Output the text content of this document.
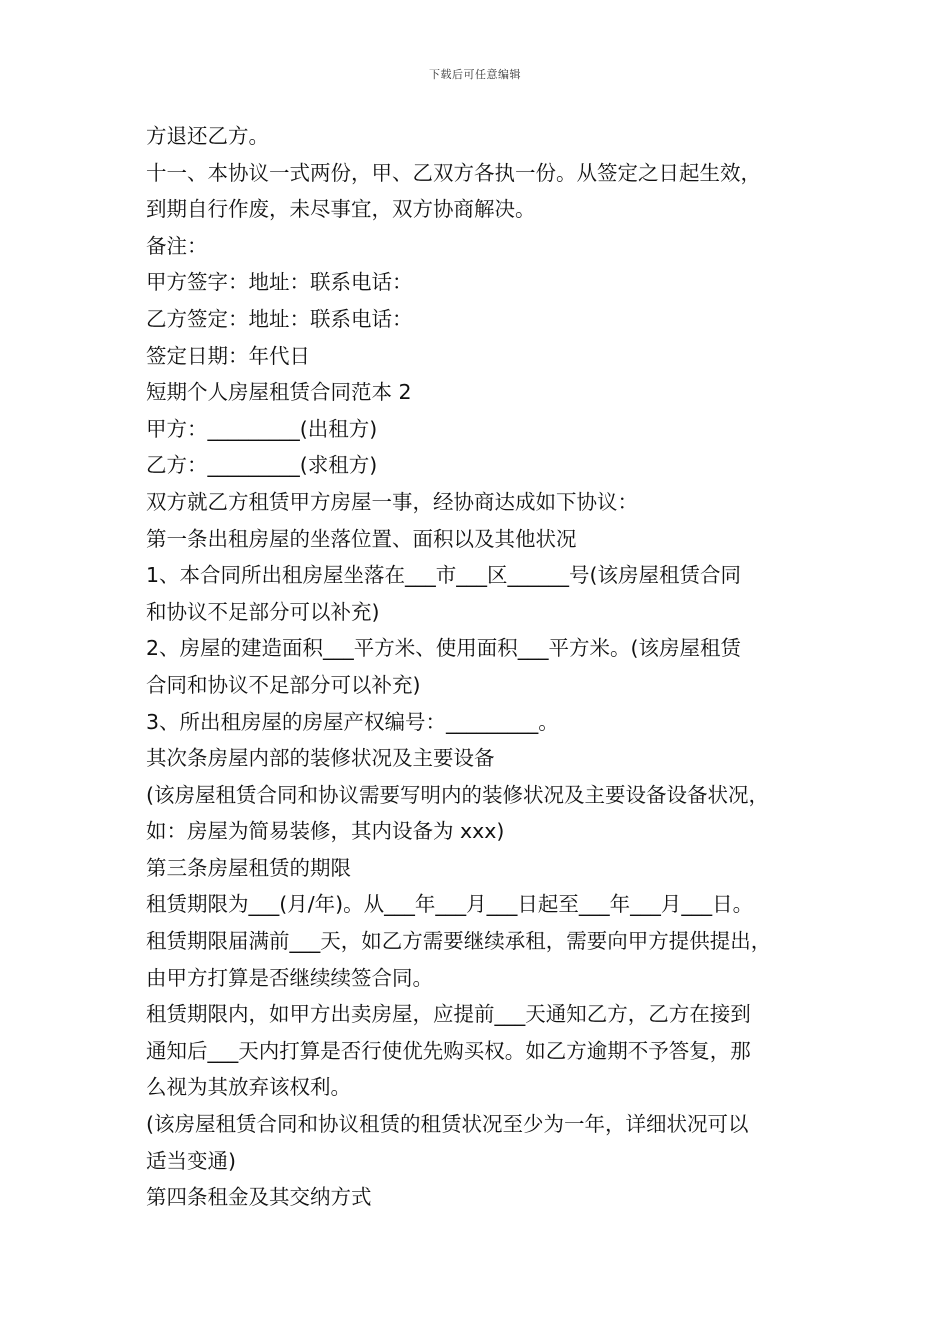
下载后可任意编辑
方退还乙方。
十一、本协议一式两份，甲、乙双方各执一份。从签定之日起生效，
到期自行作废，未尽事宜，双方协商解决。
备注：
甲方签字：地址：联系电话：
乙方签定：地址：联系电话：
签定日期：年代日
短期个人房屋租赁合同范本 2
甲方：_________(出租方)
乙方：_________(求租方)
双方就乙方租赁甲方房屋一事，经协商达成如下协议：
第一条出租房屋的坐落位置、面积以及其他状况
1、本合同所出租房屋坐落在___市___区______号(该房屋租赁合同
和协议不足部分可以补充)
2、房屋的建造面积___平方米、使用面积___平方米。(该房屋租赁
合同和协议不足部分可以补充)
3、所出租房屋的房屋产权编号：_________。
其次条房屋内部的装修状况及主要设备
(该房屋租赁合同和协议需要写明内的装修状况及主要设备设备状况，
如：房屋为简易装修，其内设备为 xxx)
第三条房屋租赁的期限
租赁期限为___(月/年)。从___年___月___日起至___年___月___日。
租赁期限届满前___天，如乙方需要继续承租，需要向甲方提供提出，
由甲方打算是否继续续签合同。
租赁期限内，如甲方出卖房屋，应提前___天通知乙方，乙方在接到
通知后___天内打算是否行使优先购买权。如乙方逾期不予答复，那
么视为其放弃该权利。
(该房屋租赁合同和协议租赁的租赁状况至少为一年，详细状况可以
适当变通)
第四条租金及其交纳方式
